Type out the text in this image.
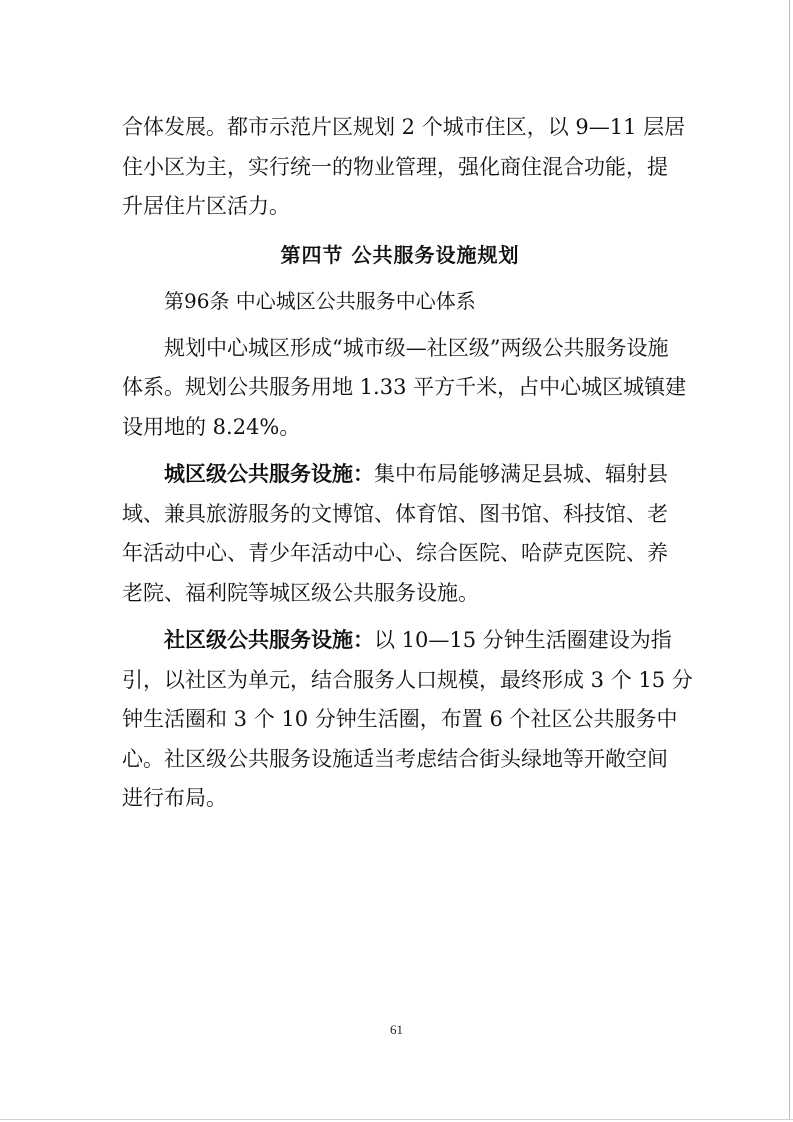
合体发展。都市示范片区规划 2 个城市住区，以 9—11 层居
住小区为主，实行统一的物业管理，强化商住混合功能，提
升居住片区活力。

第四节 公共服务设施规划
第96条 中心城区公共服务中心体系

规划中心城区形成“城市级—社区级”两级公共服务设施
体系。规划公共服务用地 1.33 平方千米，占中心城区城镇建
设用地的 8.24%。

城区级公共服务设施：集中布局能够满足县城、辐射县
域、兼具旅游服务的文博馆、体育馆、图书馆、科技馆、老
年活动中心、青少年活动中心、综合医院、哈萨克医院、养
老院、福利院等城区级公共服务设施。

社区级公共服务设施：以 10—15 分钟生活圈建设为指
引，以社区为单元，结合服务人口规模，最终形成 3 个 15 分
钟生活圈和 3 个 10 分钟生活圈，布置 6 个社区公共服务中
心。社区级公共服务设施适当考虑结合街头绿地等开敞空间
进行布局。

61
